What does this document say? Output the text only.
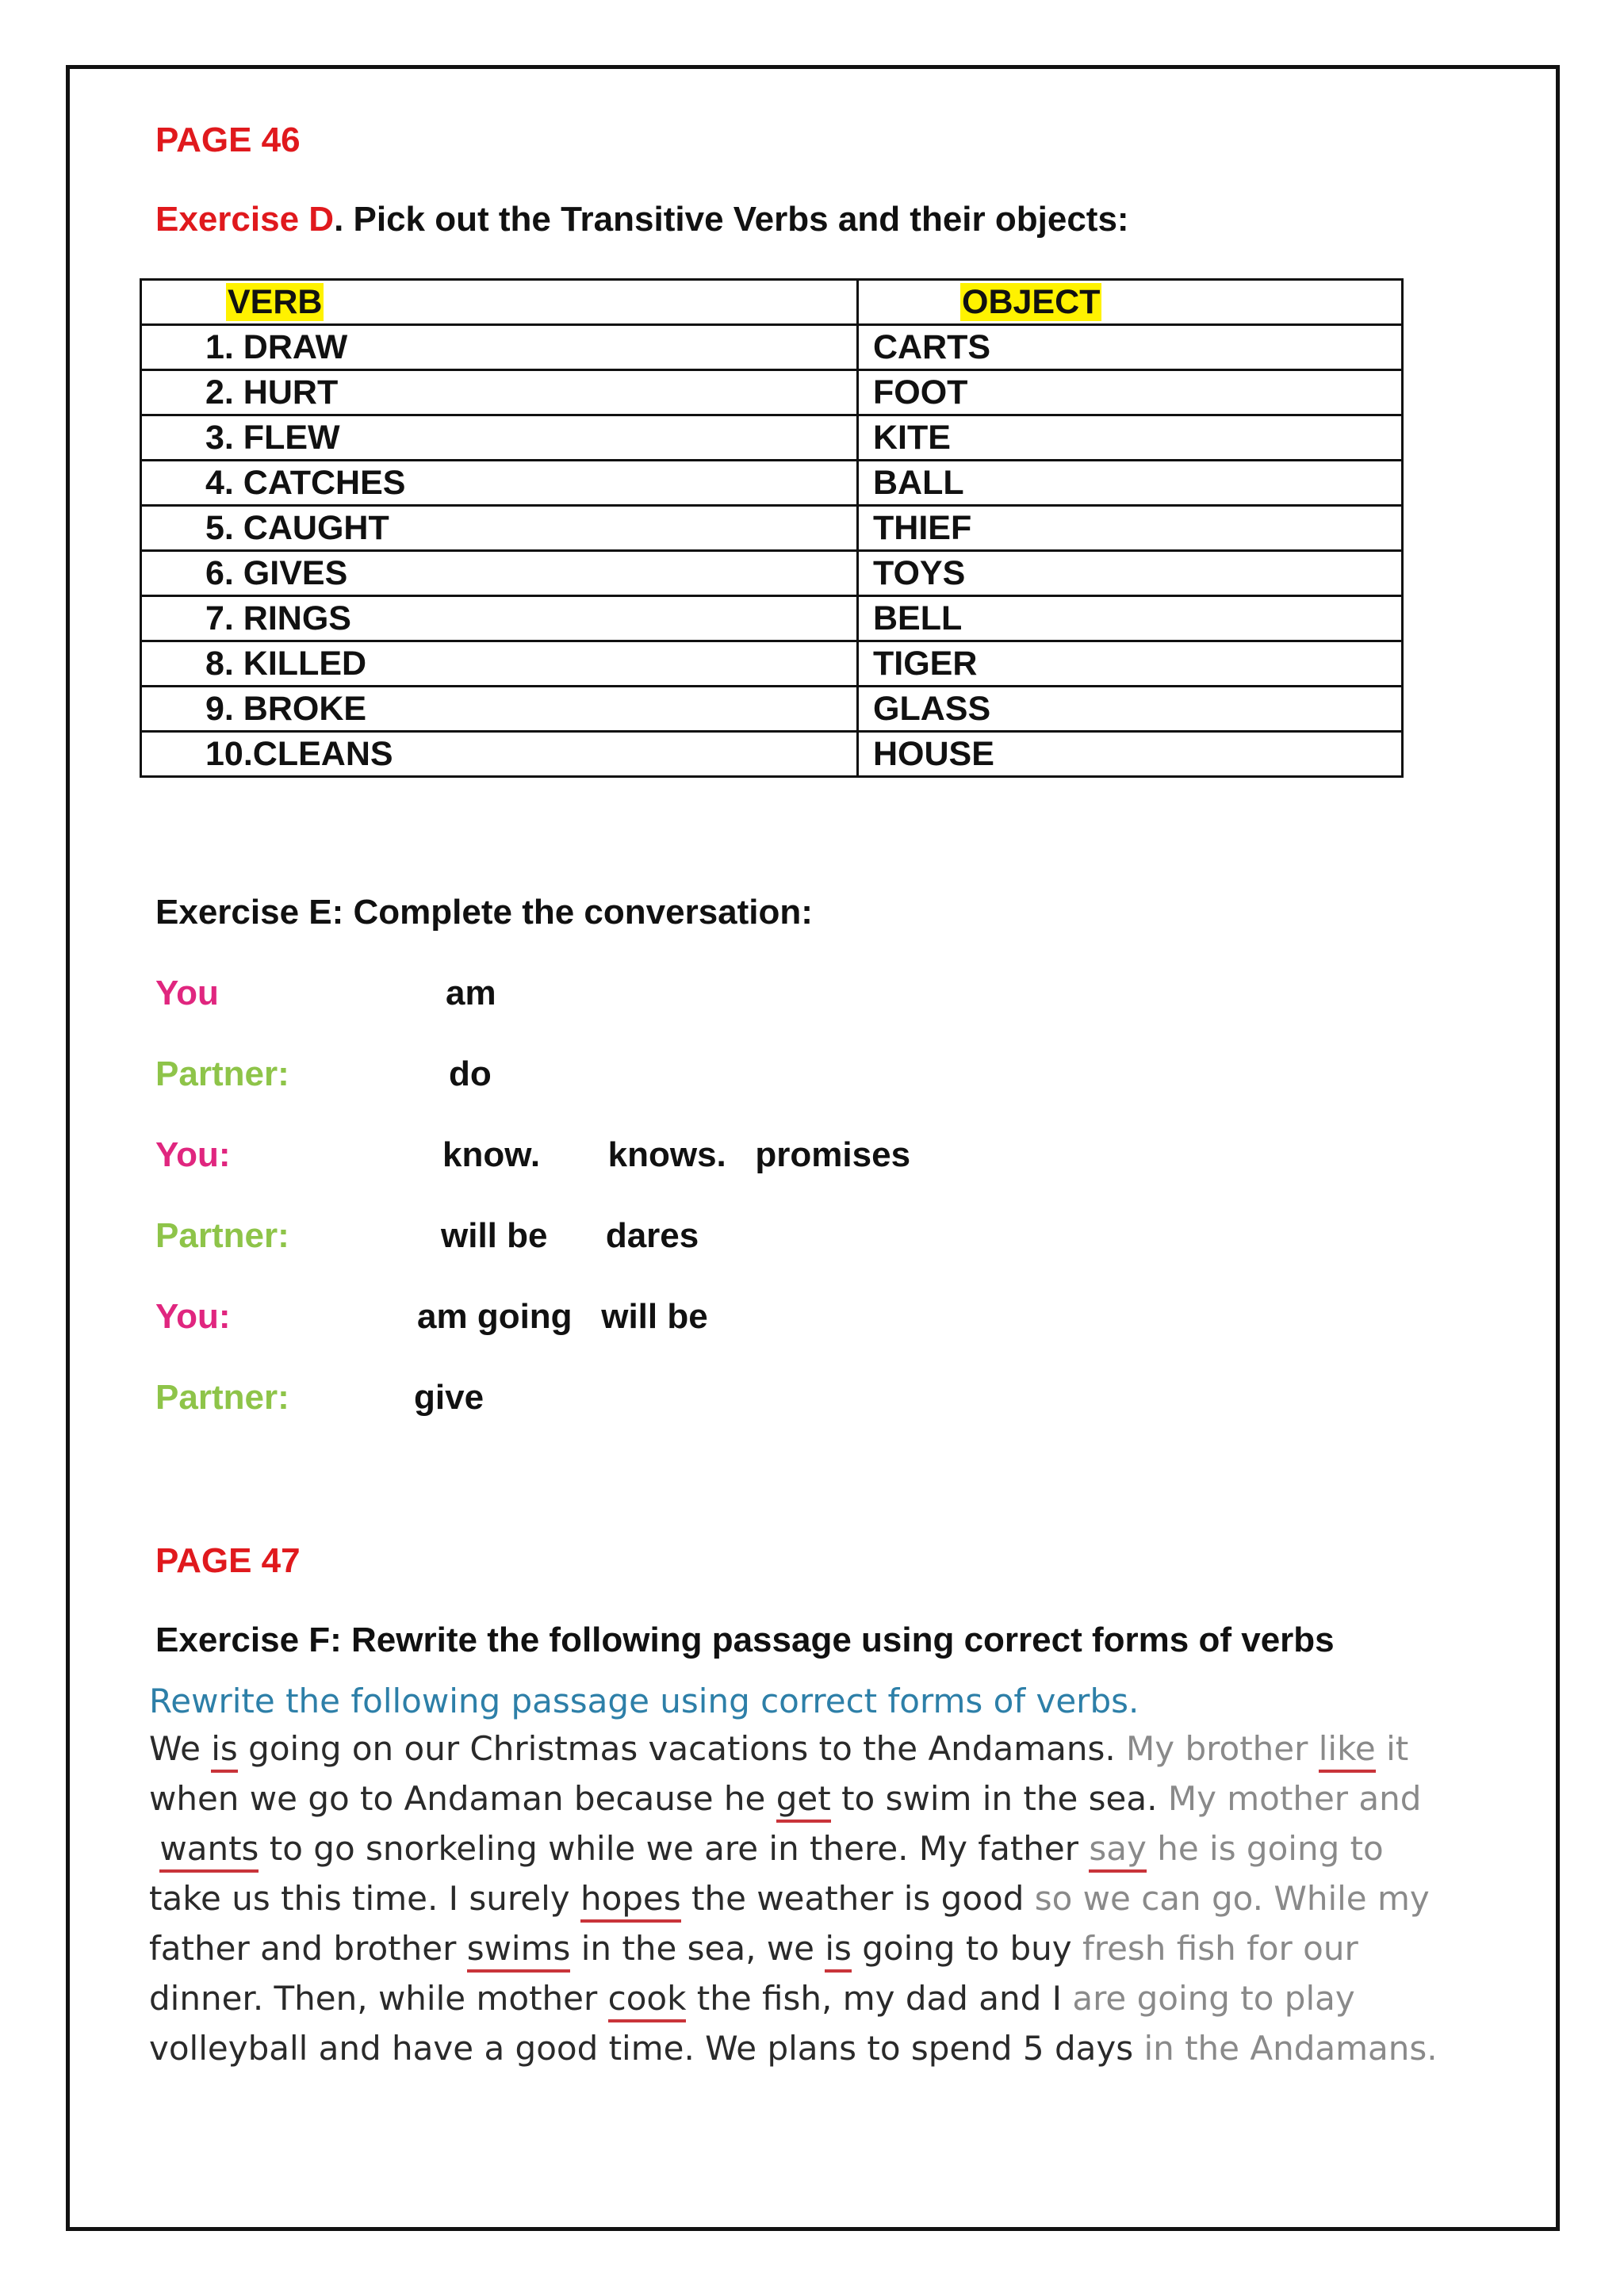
PAGE 46
Exercise D. Pick out the Transitive Verbs and their objects:
VERB	OBJECT
1. DRAW	CARTS
2. HURT	FOOT
3. FLEW	KITE
4. CATCHES	BALL
5. CAUGHT	THIEF
6. GIVES	TOYS
7. RINGS	BELL
8. KILLED	TIGER
9. BROKE	GLASS
10.CLEANS	HOUSE
Exercise E: Complete the conversation:
You	am
Partner:	do
You:	know.       knows.   promises
Partner:	will be      dares
You:	am going   will be
Partner:	give
PAGE 47
Exercise F: Rewrite the following passage using correct forms of verbs
Rewrite the following passage using correct forms of verbs.
We is going on our Christmas vacations to the Andamans. My brother like it
when we go to Andaman because he get to swim in the sea. My mother and
wants to go snorkeling while we are in there. My father say he is going to
take us this time. I surely hopes the weather is good so we can go. While my
father and brother swims in the sea, we is going to buy fresh fish for our
dinner. Then, while mother cook the fish, my dad and I are going to play
volleyball and have a good time. We plans to spend 5 days in the Andamans.
